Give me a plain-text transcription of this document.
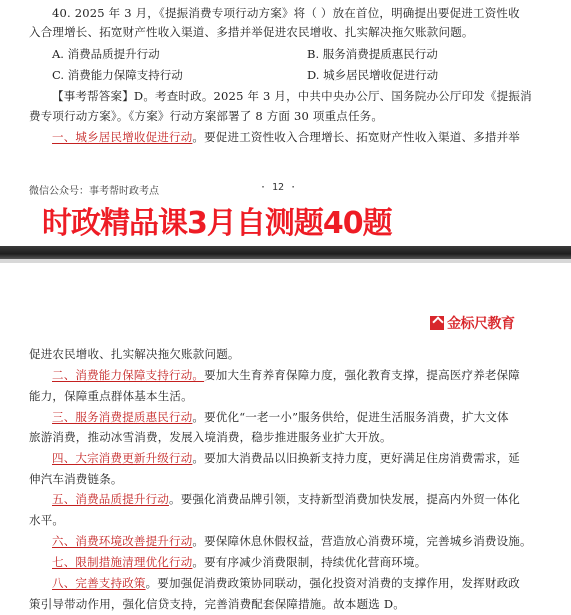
40. 2025 年 3 月，《提振消费专项行动方案》将（ ）放在首位，明确提出要促进工资性收
入合理增长、拓宽财产性收入渠道、多措并举促进农民增收、扎实解决拖欠账款问题。
A. 消费品质提升行动	B. 服务消费提质惠民行动
C. 消费能力保障支持行动	D. 城乡居民增收促进行动
【事考帮答案】D。考查时政。2025 年 3 月，中共中央办公厅、国务院办公厅印发《提振消
费专项行动方案》。《方案》行动方案部署了 8 方面 30 项重点任务。
一、城乡居民增收促进行动。要促进工资性收入合理增长、拓宽财产性收入渠道、多措并举
微信公众号：事考帮时政考点	· 12 ·
时政精品课3月自测题40题
金标尺教育
促进农民增收、扎实解决拖欠账款问题。
二、消费能力保障支持行动。要加大生育养育保障力度，强化教育支撑，提高医疗养老保障
能力，保障重点群体基本生活。
三、服务消费提质惠民行动。要优化“一老一小”服务供给，促进生活服务消费，扩大文体
旅游消费，推动冰雪消费，发展入境消费，稳步推进服务业扩大开放。
四、大宗消费更新升级行动。要加大消费品以旧换新支持力度，更好满足住房消费需求，延
伸汽车消费链条。
五、消费品质提升行动。要强化消费品牌引领，支持新型消费加快发展，提高内外贸一体化
水平。
六、消费环境改善提升行动。要保障休息休假权益，营造放心消费环境，完善城乡消费设施。
七、限制措施清理优化行动。要有序减少消费限制，持续优化营商环境。
八、完善支持政策。要加强促消费政策协同联动，强化投资对消费的支撑作用，发挥财政政
策引导带动作用，强化信贷支持，完善消费配套保障措施。故本题选 D。
